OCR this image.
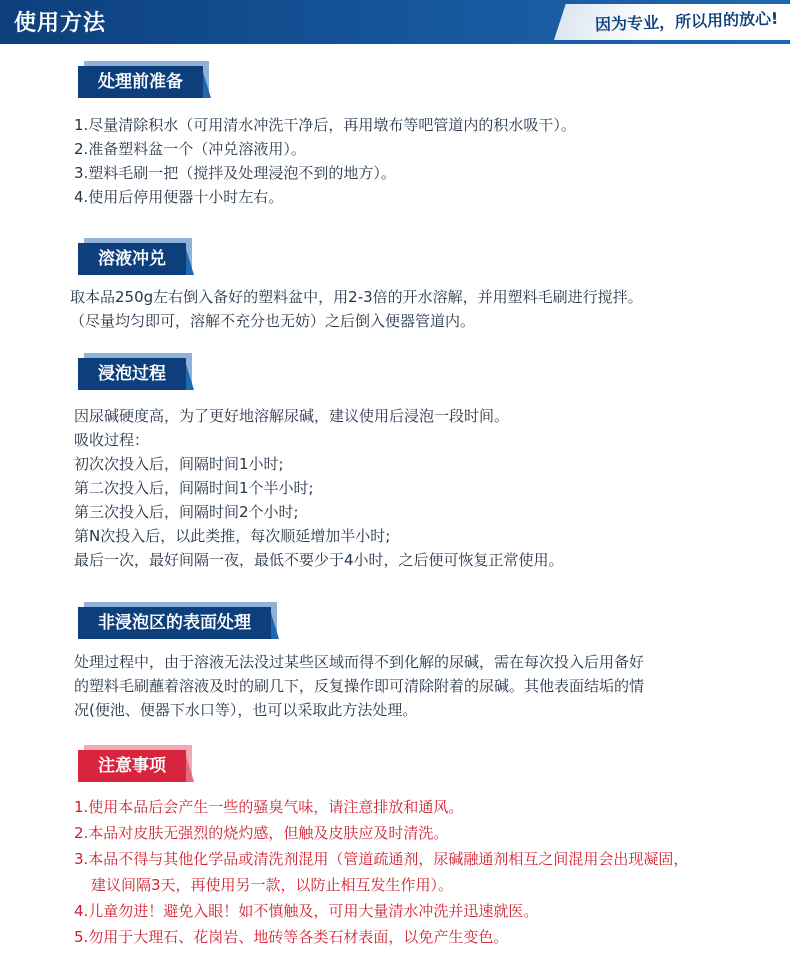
使用方法	因为专业，所以用的放心!
处理前准备
1.尽量清除积水（可用清水冲洗干净后，再用墩布等吧管道内的积水吸干）。
2.准备塑料盆一个（冲兑溶液用）。
3.塑料毛刷一把（搅拌及处理浸泡不到的地方）。
4.使用后停用便器十小时左右。
溶液冲兑
取本品250g左右倒入备好的塑料盆中，用2-3倍的开水溶解，并用塑料毛刷进行搅拌。
（尽量均匀即可，溶解不充分也无妨）之后倒入便器管道内。
浸泡过程
因尿碱硬度高，为了更好地溶解尿碱，建议使用后浸泡一段时间。
吸收过程：
初次次投入后，间隔时间1小时;
第二次投入后，间隔时间1个半小时;
第三次投入后，间隔时间2个小时;
第N次投入后，以此类推，每次顺延增加半小时;
最后一次，最好间隔一夜，最低不要少于4小时，之后便可恢复正常使用。
非浸泡区的表面处理
处理过程中，由于溶液无法没过某些区域而得不到化解的尿碱，需在每次投入后用备好
的塑料毛刷蘸着溶液及时的刷几下，反复操作即可清除附着的尿碱。其他表面结垢的情
况(便池、便器下水口等），也可以采取此方法处理。
注意事项
1.使用本品后会产生一些的骚臭气味，请注意排放和通风。
2.本品对皮肤无强烈的烧灼感，但触及皮肤应及时清洗。
3.本品不得与其他化学品或清洗剂混用（管道疏通剂，尿碱融通剂相互之间混用会出现凝固，
建议间隔3天，再使用另一款，以防止相互发生作用）。
4.儿童勿进！避免入眼！如不慎触及，可用大量清水冲洗并迅速就医。
5.勿用于大理石、花岗岩、地砖等各类石材表面，以免产生变色。
